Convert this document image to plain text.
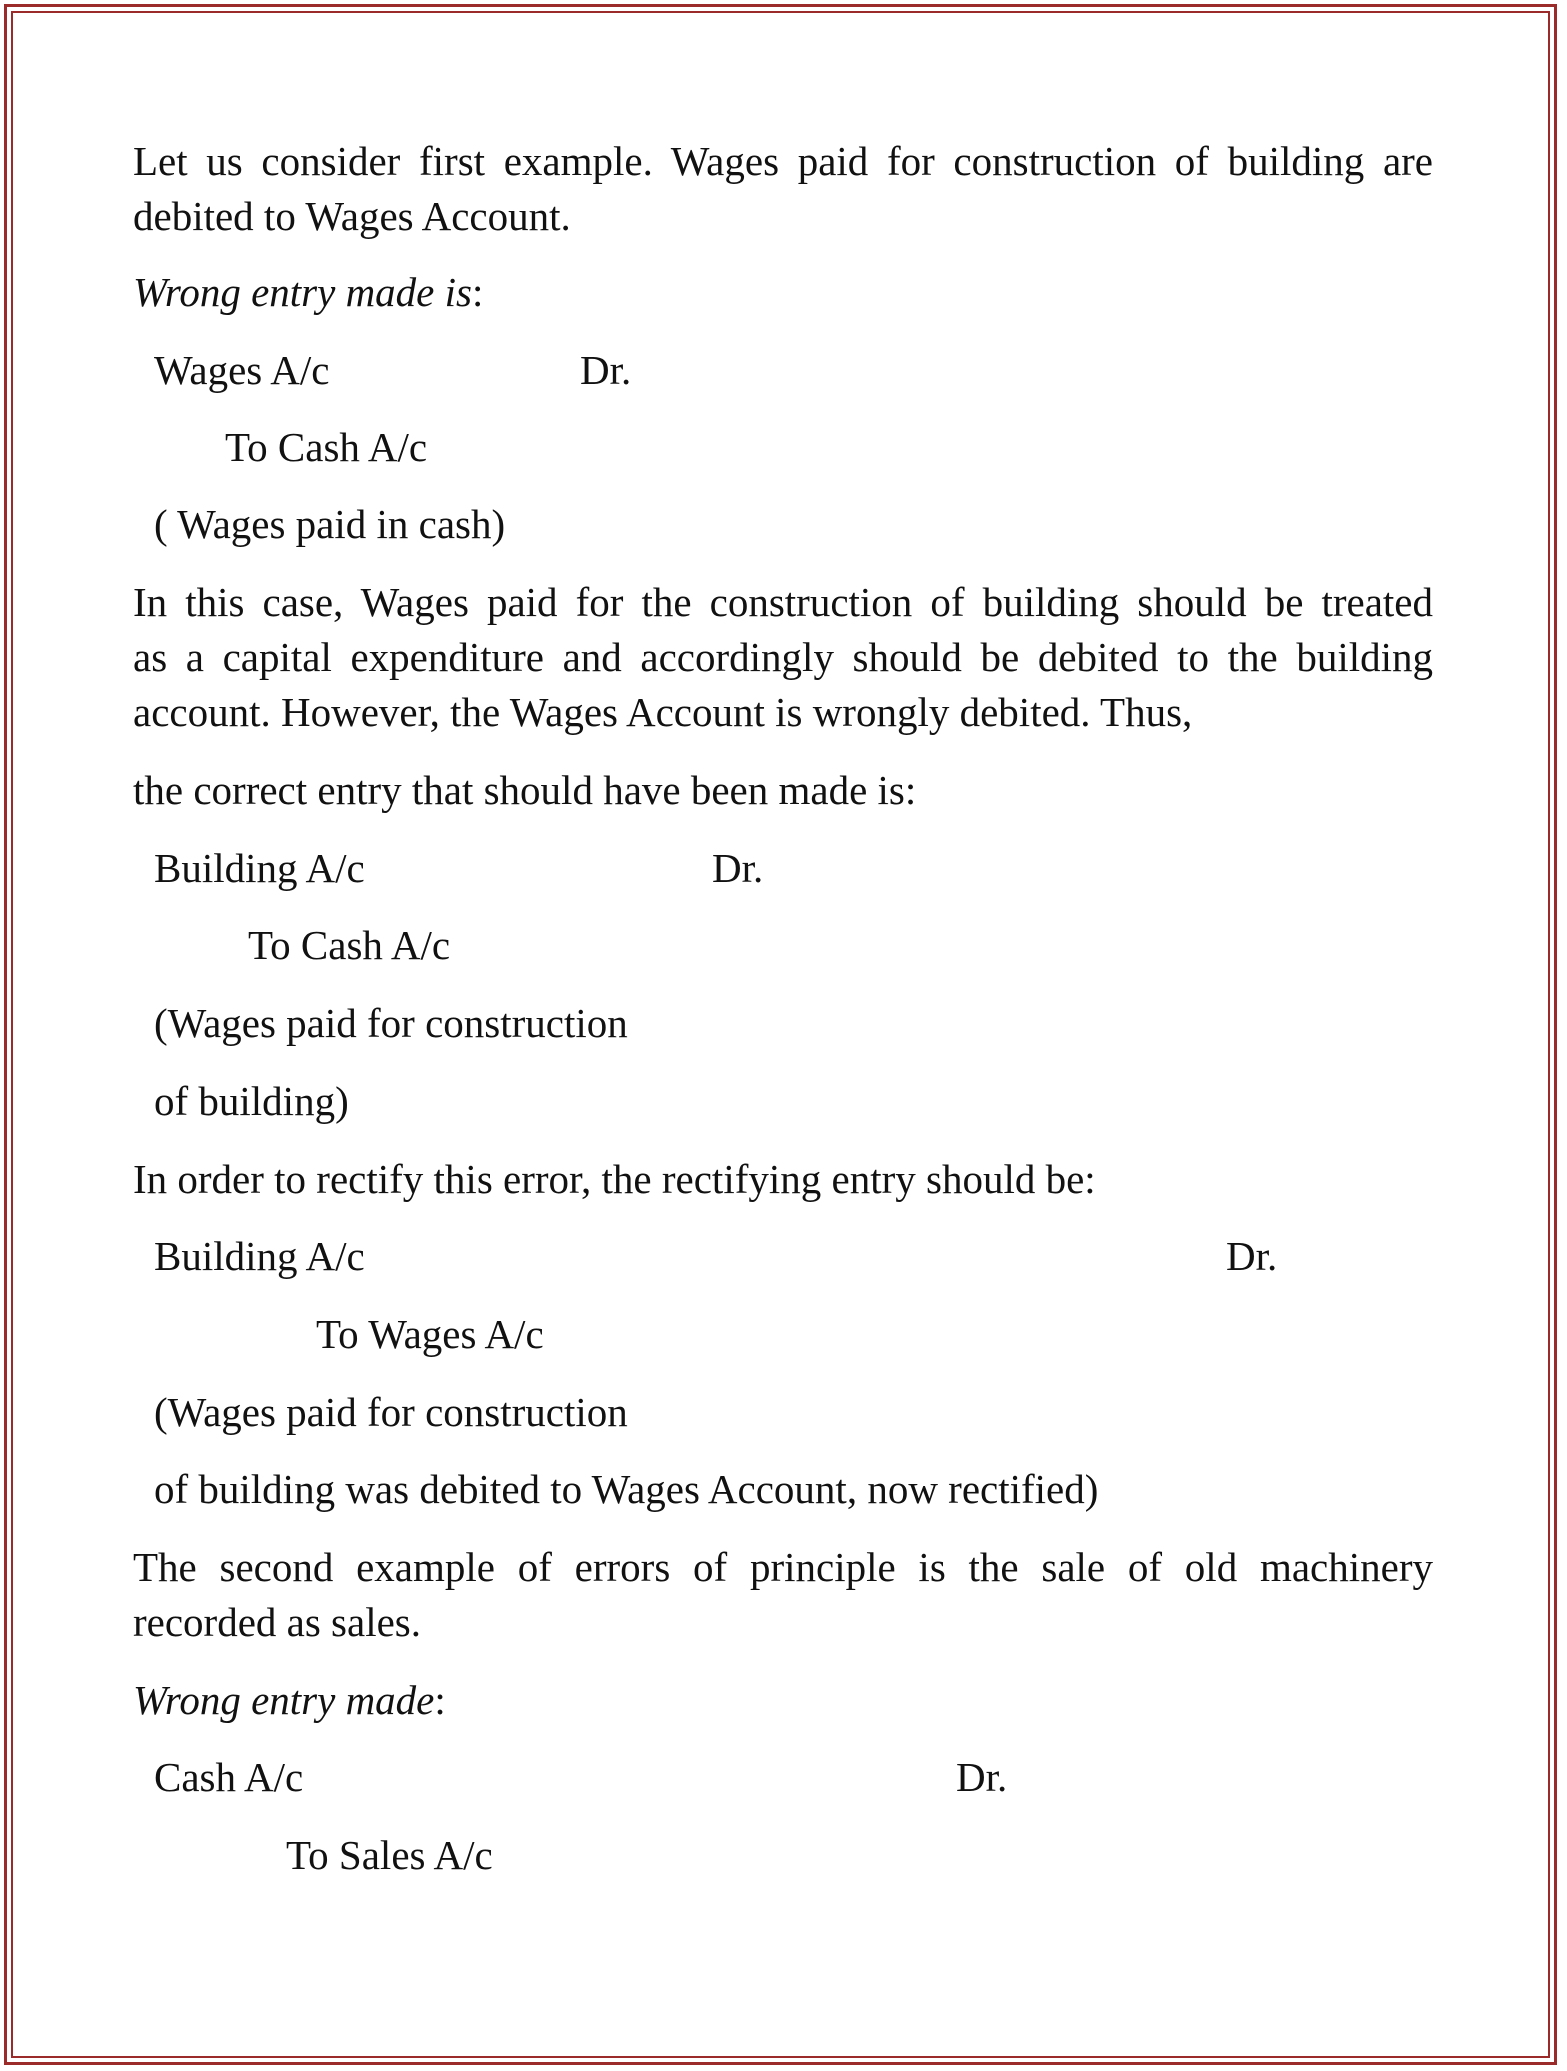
Let us consider first example. Wages paid for construction of building are

debited to Wages Account.

Wrong entry made is:

Wages A/c	Dr.

To Cash A/c

( Wages paid in cash)

In this case, Wages paid for the construction of building should be treated

as a capital expenditure and accordingly should be debited to the building

account. However, the Wages Account is wrongly debited. Thus,

the correct entry that should have been made is:

Building A/c	Dr.

To Cash A/c

(Wages paid for construction

of building)

In order to rectify this error, the rectifying entry should be:

Building A/c	Dr.

To Wages A/c

(Wages paid for construction

of building was debited to Wages Account, now rectified)

The second example of errors of principle is the sale of old machinery

recorded as sales.

Wrong entry made:

Cash A/c	Dr.

To Sales A/c
